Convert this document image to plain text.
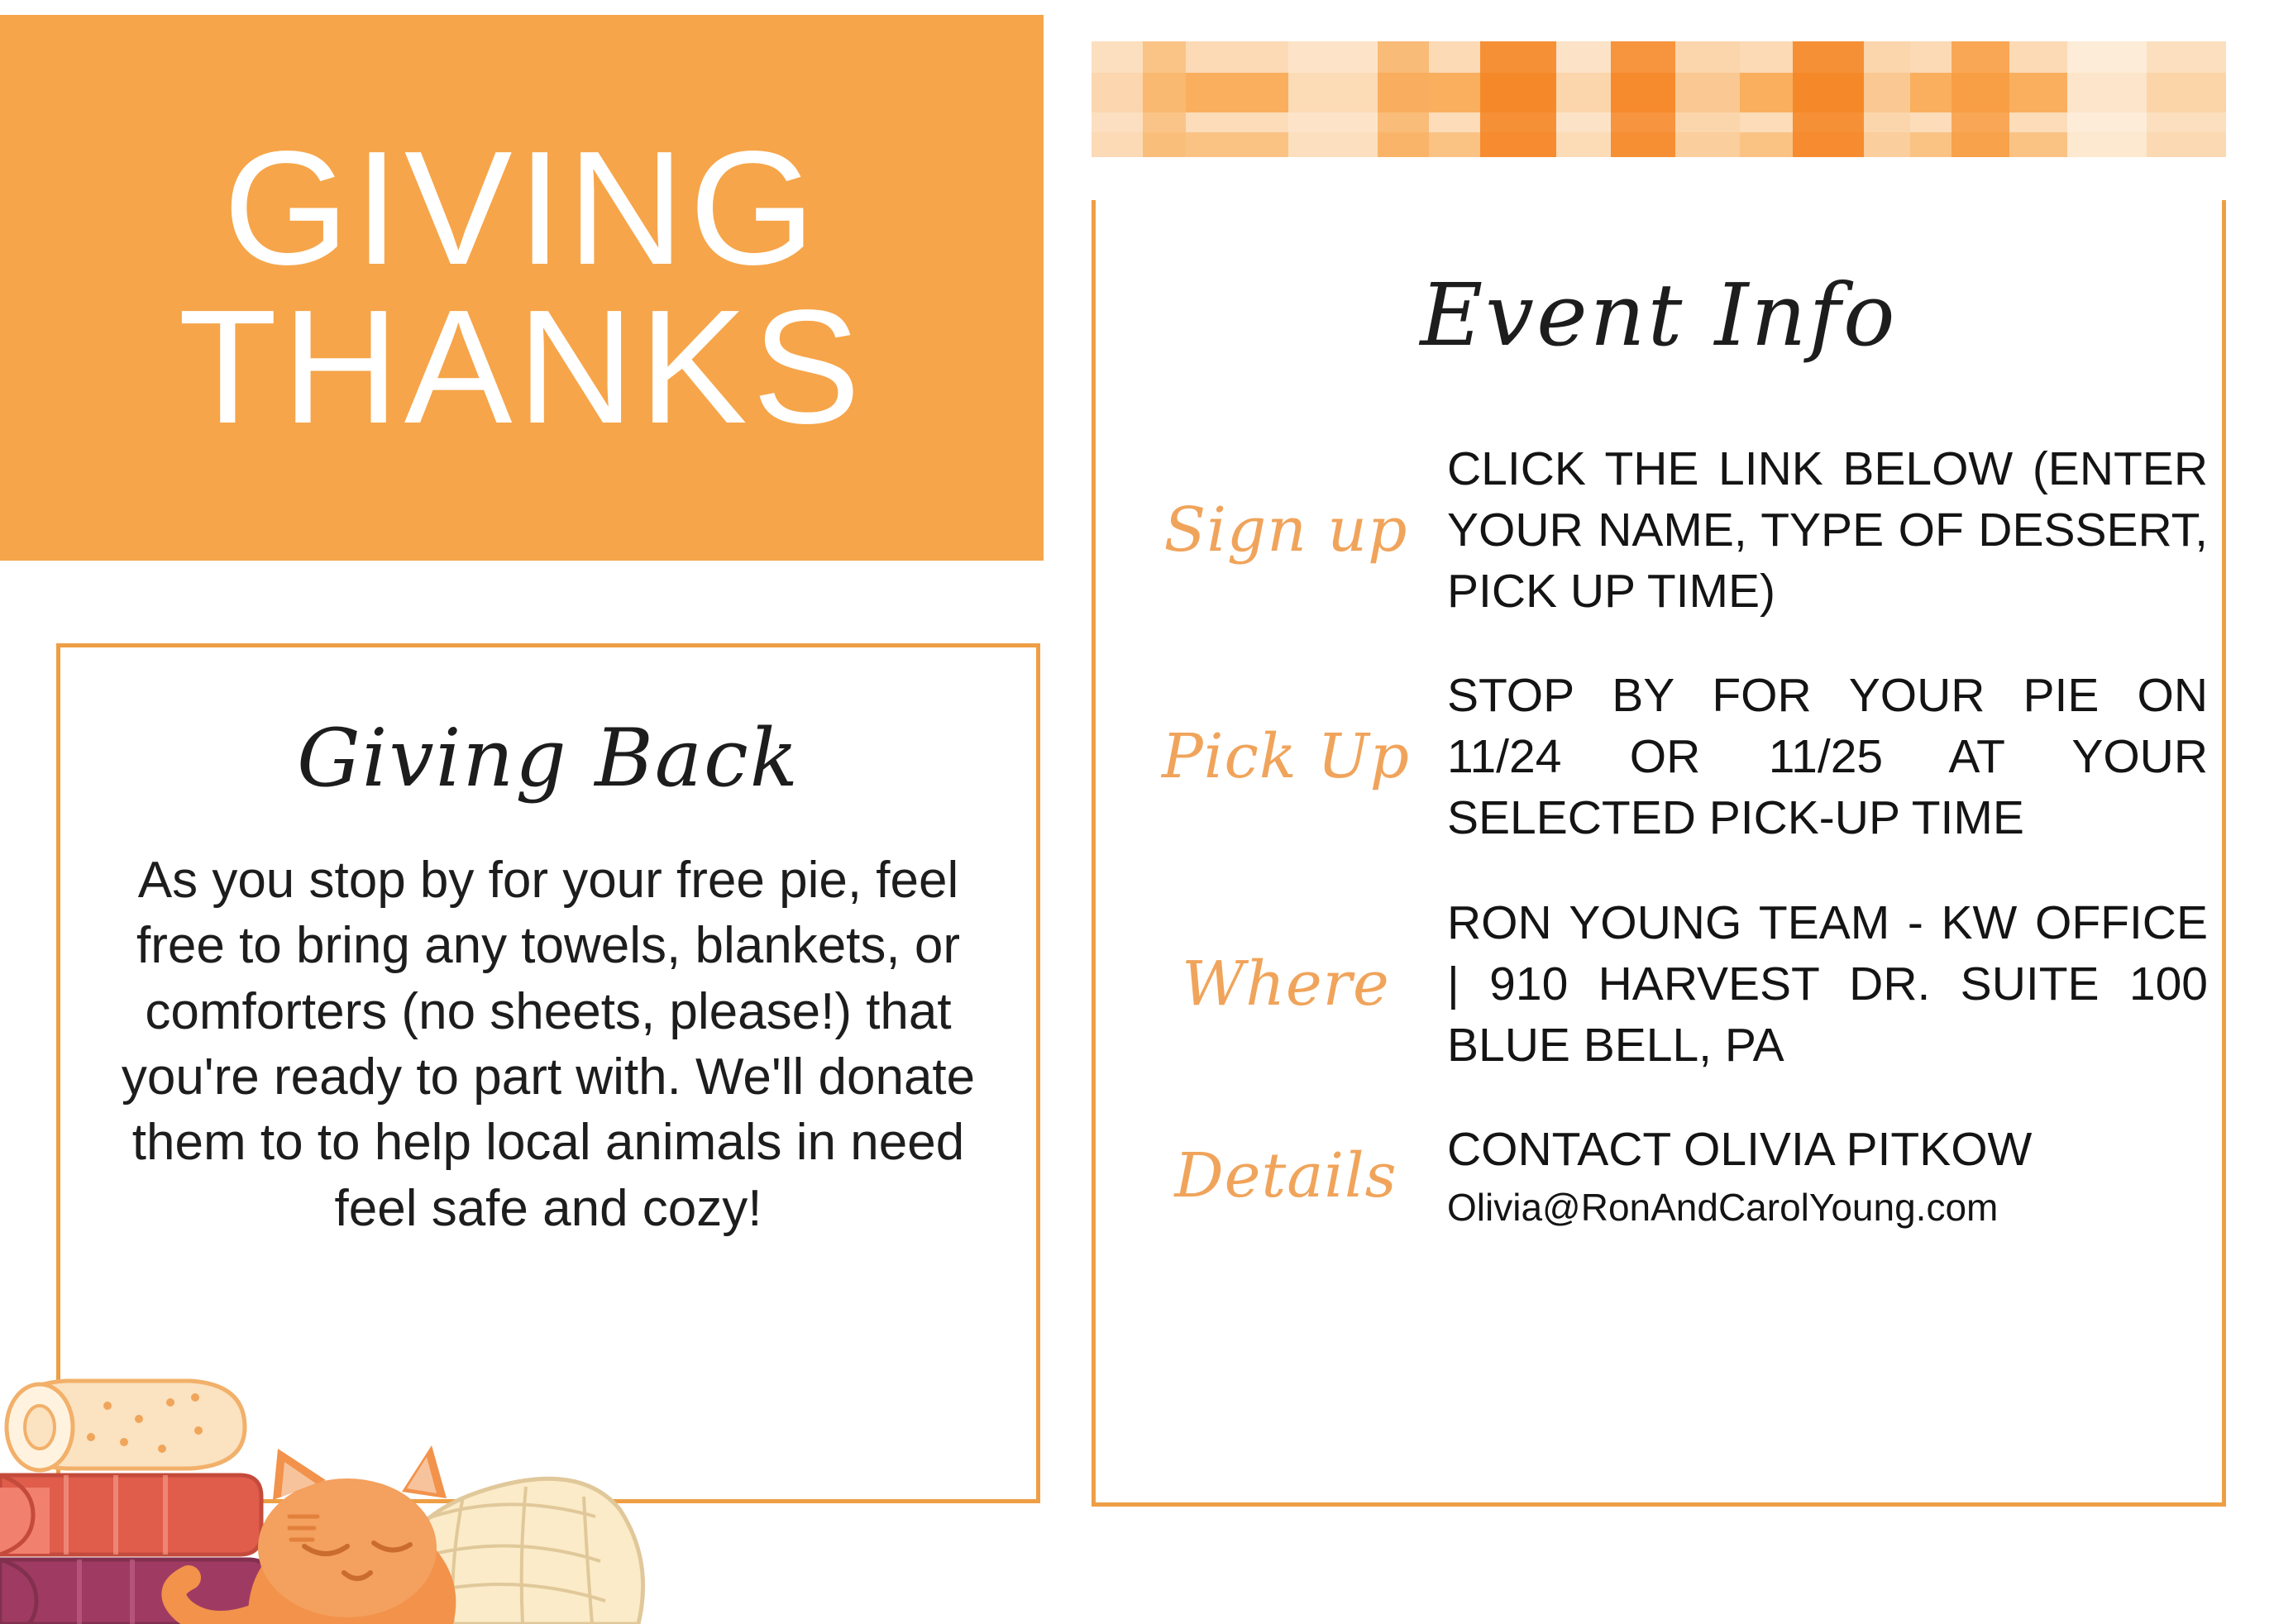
GIVING
THANKS
Giving Back
As you stop by for your free pie, feel free to bring any towels, blankets, or comforters (no sheets, please!) that you're ready to part with. We'll donate them to to help local animals in need feel safe and cozy!
Event Info
Sign up
CLICK THE LINK BELOW (ENTER YOUR NAME, TYPE OF DESSERT, PICK UP TIME)
Pick Up
STOP BY FOR YOUR PIE ON 11/24 OR 11/25 AT YOUR SELECTED PICK-UP TIME
Where
RON YOUNG TEAM - KW OFFICE | 910 HARVEST DR. SUITE 100 BLUE BELL, PA
Details	CONTACT OLIVIA PITKOW
Olivia@RonAndCarolYoung.com
